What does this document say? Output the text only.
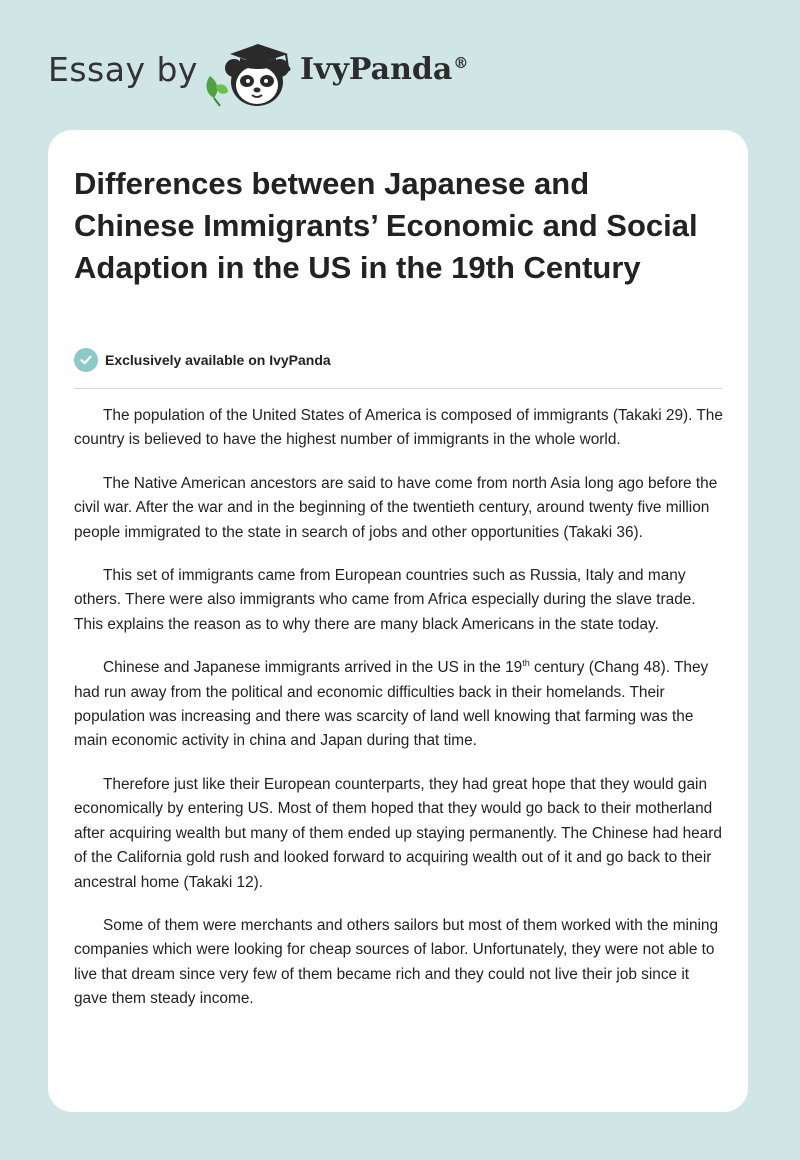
Essay by	IvyPanda®
Differences between Japanese and Chinese Immigrants’ Economic and Social Adaption in the US in the 19th Century
Exclusively available on IvyPanda

The population of the United States of America is composed of immigrants (Takaki 29). The country is believed to have the highest number of immigrants in the whole world.

The Native American ancestors are said to have come from north Asia long ago before the civil war. After the war and in the beginning of the twentieth century, around twenty five million people immigrated to the state in search of jobs and other opportunities (Takaki 36).

This set of immigrants came from European countries such as Russia, Italy and many others. There were also immigrants who came from Africa especially during the slave trade. This explains the reason as to why there are many black Americans in the state today.

Chinese and Japanese immigrants arrived in the US in the 19th century (Chang 48). They had run away from the political and economic difficulties back in their homelands. Their population was increasing and there was scarcity of land well knowing that farming was the main economic activity in china and Japan during that time.

Therefore just like their European counterparts, they had great hope that they would gain economically by entering US. Most of them hoped that they would go back to their motherland after acquiring wealth but many of them ended up staying permanently. The Chinese had heard of the California gold rush and looked forward to acquiring wealth out of it and go back to their ancestral home (Takaki 12).

Some of them were merchants and others sailors but most of them worked with the mining companies which were looking for cheap sources of labor. Unfortunately, they were not able to live that dream since very few of them became rich and they could not live their job since it gave them steady income.
